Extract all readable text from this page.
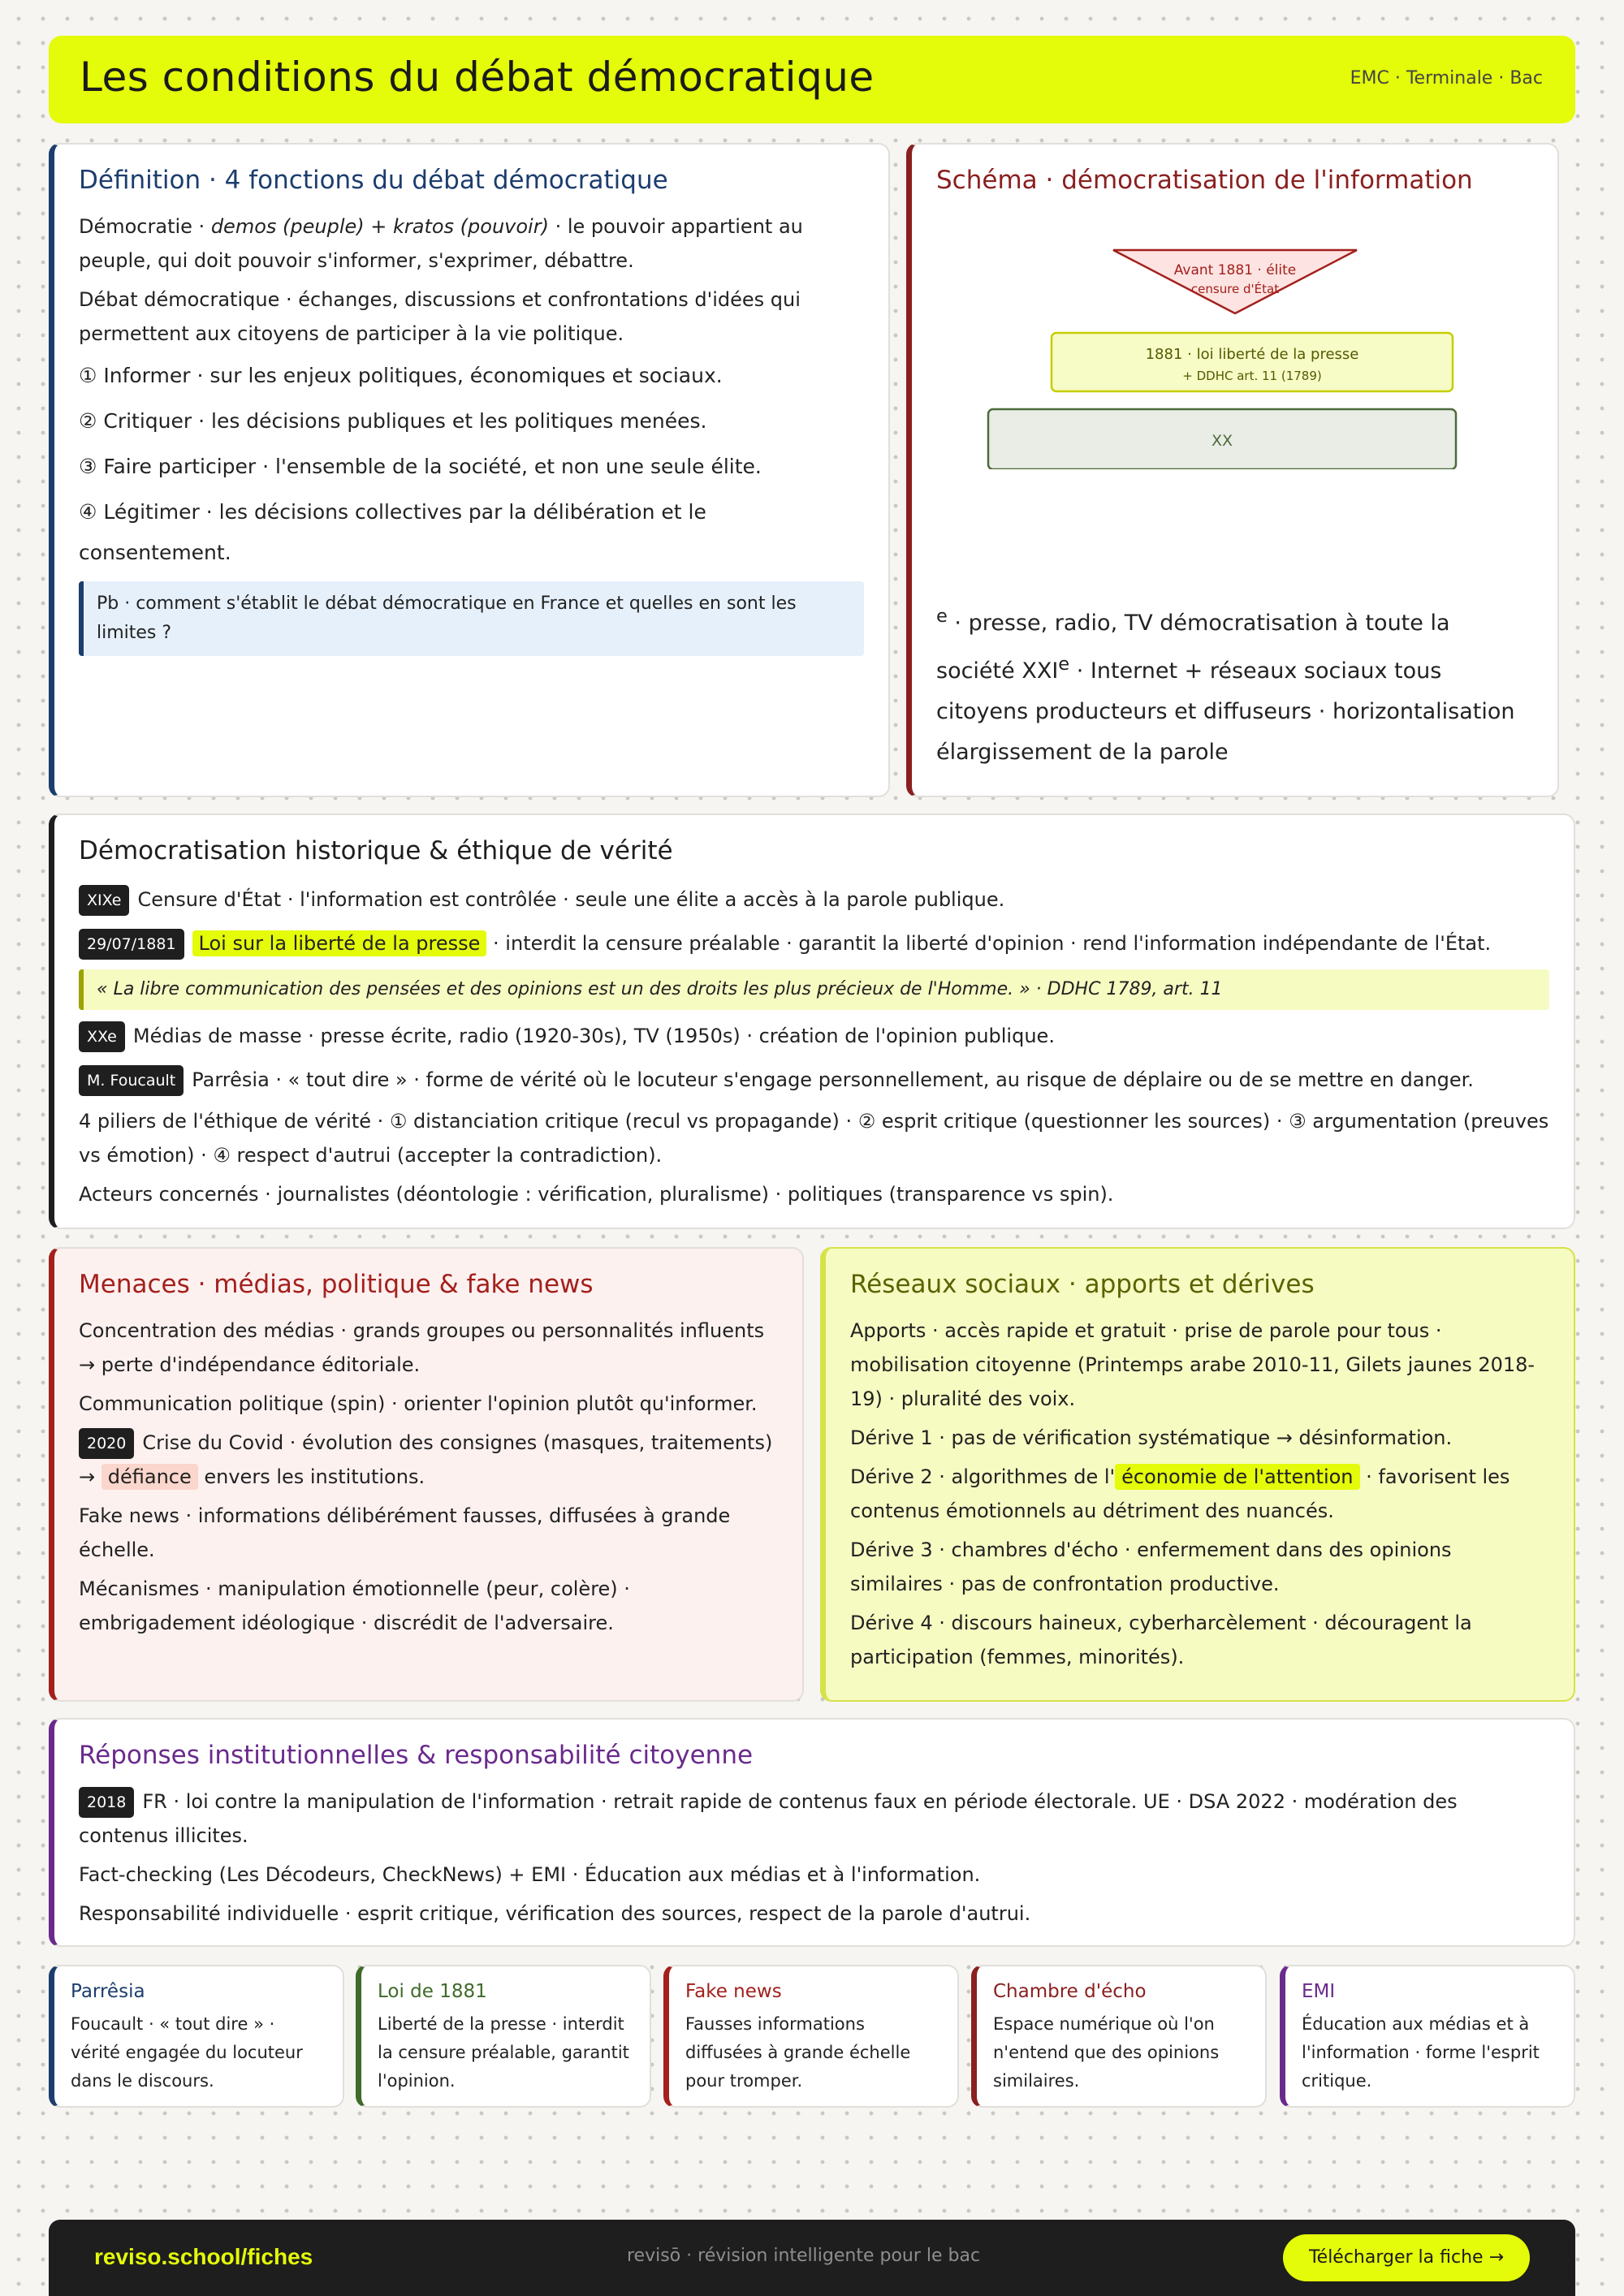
Les conditions du débat démocratique	EMC · Terminale · Bac
Définition · 4 fonctions du débat démocratique

Démocratie · demos (peuple) + kratos (pouvoir) · le pouvoir appartient au peuple, qui doit pouvoir s'informer, s'exprimer, débattre.

Débat démocratique · échanges, discussions et confrontations d'idées qui permettent aux citoyens de participer à la vie politique.

① Informer · sur les enjeux politiques, économiques et sociaux.

② Critiquer · les décisions publiques et les politiques menées.

③ Faire participer · l'ensemble de la société, et non une seule élite.

④ Légitimer · les décisions collectives par la délibération et le consentement.

Pb · comment s'établit le débat démocratique en France et quelles en sont les limites ?
Schéma · démocratisation de l'information
Avant 1881 · élite
censure d'État
1881 · loi liberté de la presse
+ DDHC art. 11 (1789)
XX

$^e$ · presse, radio, TV démocratisation à toute la société $XXI^e$ · Internet + réseaux sociaux tous citoyens producteurs et diffuseurs · horizontalisation élargissement de la parole

Démocratisation historique & éthique de vérité

XIXe Censure d'État · l'information est contrôlée · seule une élite a accès à la parole publique.

29/07/1881 Loi sur la liberté de la presse · interdit la censure préalable · garantit la liberté d'opinion · rend l'information indépendante de l'État.

« La libre communication des pensées et des opinions est un des droits les plus précieux de l'Homme. » · DDHC 1789, art. 11

XXe Médias de masse · presse écrite, radio (1920-30s), TV (1950s) · création de l'opinion publique.

M. Foucault Parrêsia · « tout dire » · forme de vérité où le locuteur s'engage personnellement, au risque de déplaire ou de se mettre en danger.

4 piliers de l'éthique de vérité · ① distanciation critique (recul vs propagande) · ② esprit critique (questionner les sources) · ③ argumentation (preuves vs émotion) · ④ respect d'autrui (accepter la contradiction).

Acteurs concernés · journalistes (déontologie : vérification, pluralisme) · politiques (transparence vs spin).

Menaces · médias, politique & fake news

Concentration des médias · grands groupes ou personnalités influents → perte d'indépendance éditoriale.

Communication politique (spin) · orienter l'opinion plutôt qu'informer.

2020 Crise du Covid · évolution des consignes (masques, traitements) → défiance envers les institutions.

Fake news · informations délibérément fausses, diffusées à grande échelle.

Mécanismes · manipulation émotionnelle (peur, colère) · embrigadement idéologique · discrédit de l'adversaire.

Réseaux sociaux · apports et dérives

Apports · accès rapide et gratuit · prise de parole pour tous · mobilisation citoyenne (Printemps arabe 2010-11, Gilets jaunes 2018-19) · pluralité des voix.

Dérive 1 · pas de vérification systématique → désinformation.

Dérive 2 · algorithmes de l' économie de l'attention · favorisent les contenus émotionnels au détriment des nuancés.

Dérive 3 · chambres d'écho · enfermement dans des opinions similaires · pas de confrontation productive.

Dérive 4 · discours haineux, cyberharcèlement · découragent la participation (femmes, minorités).

Réponses institutionnelles & responsabilité citoyenne

2018 FR · loi contre la manipulation de l'information · retrait rapide de contenus faux en période électorale. UE · DSA 2022 · modération des contenus illicites.

Fact-checking (Les Décodeurs, CheckNews) + EMI · Éducation aux médias et à l'information.

Responsabilité individuelle · esprit critique, vérification des sources, respect de la parole d'autrui.

Parrêsia

Foucault · « tout dire » · vérité engagée du locuteur dans le discours.

Loi de 1881

Liberté de la presse · interdit la censure préalable, garantit l'opinion.

Fake news

Fausses informations diffusées à grande échelle pour tromper.

Chambre d'écho

Espace numérique où l'on n'entend que des opinions similaires.

EMI

Éducation aux médias et à l'information · forme l'esprit critique.

reviso.school/fiches	revisō · révision intelligente pour le bac	Télécharger la fiche →
